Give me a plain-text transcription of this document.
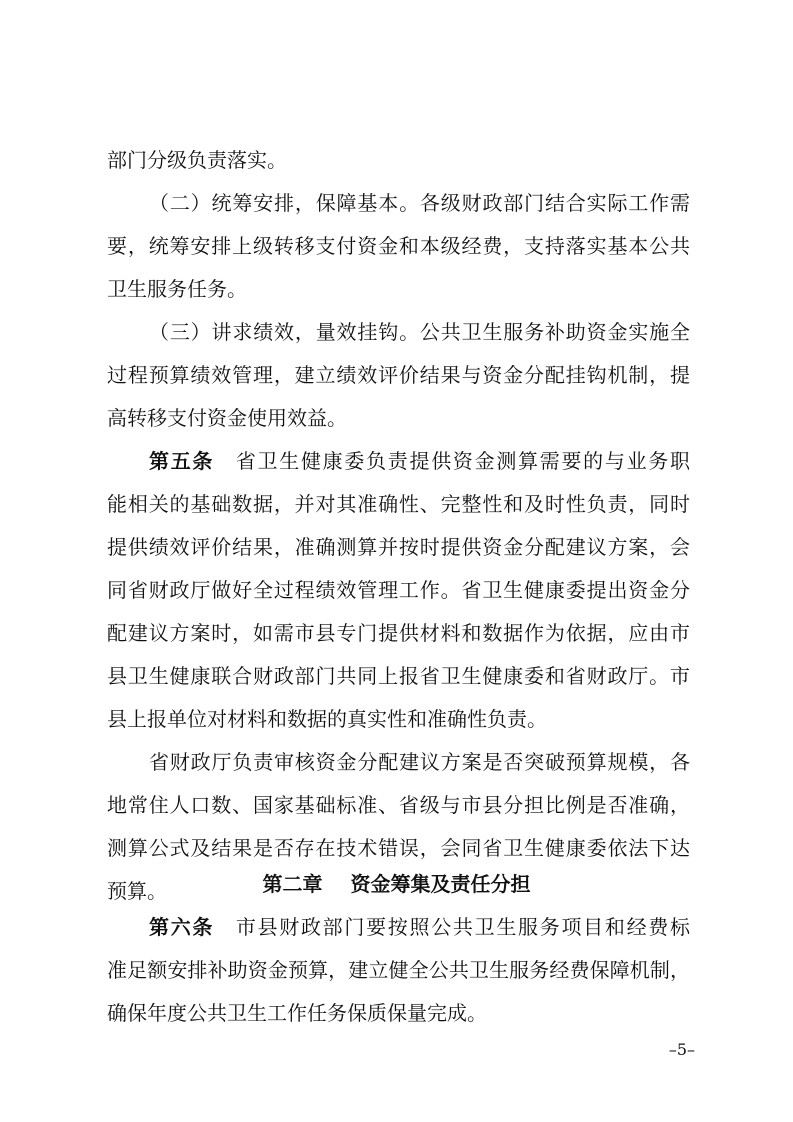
部门分级负责落实。
（二）统筹安排，保障基本。各级财政部门结合实际工作需
要，统筹安排上级转移支付资金和本级经费，支持落实基本公共
卫生服务任务。
（三）讲求绩效，量效挂钩。公共卫生服务补助资金实施全
过程预算绩效管理，建立绩效评价结果与资金分配挂钩机制，提
高转移支付资金使用效益。
第五条 省卫生健康委负责提供资金测算需要的与业务职
能相关的基础数据，并对其准确性、完整性和及时性负责，同时
提供绩效评价结果，准确测算并按时提供资金分配建议方案，会
同省财政厅做好全过程绩效管理工作。省卫生健康委提出资金分
配建议方案时，如需市县专门提供材料和数据作为依据，应由市
县卫生健康联合财政部门共同上报省卫生健康委和省财政厅。市
县上报单位对材料和数据的真实性和准确性负责。
省财政厅负责审核资金分配建议方案是否突破预算规模，各
地常住人口数、国家基础标准、省级与市县分担比例是否准确，
测算公式及结果是否存在技术错误，会同省卫生健康委依法下达
预算。	第二章 资金筹集及责任分担
第六条 市县财政部门要按照公共卫生服务项目和经费标
准足额安排补助资金预算，建立健全公共卫生服务经费保障机制，
确保年度公共卫生工作任务保质保量完成。
–5–
